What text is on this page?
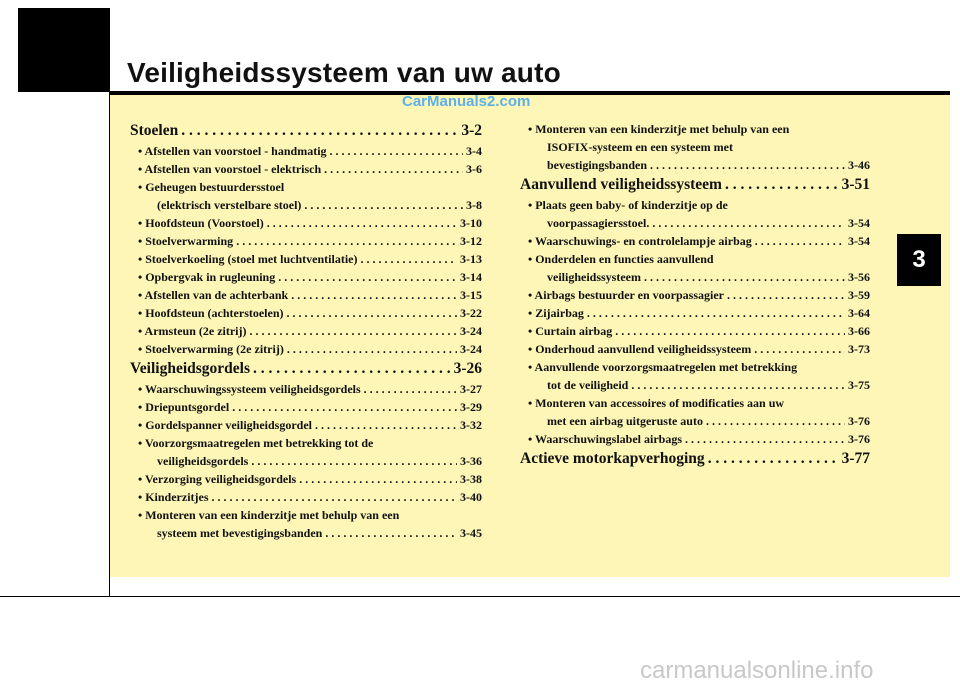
Veiligheidssysteem van uw auto

CarManuals2.com

Stoelen . . .	3-2
• Afstellen van voorstoel - handmatig . . .	3-4
• Afstellen van voorstoel - elektrisch . . .	3-6
• Geheugen bestuurdersstoel
(elektrisch verstelbare stoel) . . .	3-8
• Hoofdsteun (Voorstoel) . . .	3-10
• Stoelverwarming . . .	3-12
• Stoelverkoeling (stoel met luchtventilatie) . . .	3-13
• Opbergvak in rugleuning . . .	3-14
• Afstellen van de achterbank . . .	3-15
• Hoofdsteun (achterstoelen) . . .	3-22
• Armsteun (2e zitrij) . . .	3-24
• Stoelverwarming (2e zitrij) . . .	3-24
Veiligheidsgordels . . .	3-26
• Waarschuwingssysteem veiligheidsgordels . . .	3-27
• Driepuntsgordel . . .	3-29
• Gordelspanner veiligheidsgordel . . .	3-32
• Voorzorgsmaatregelen met betrekking tot de
veiligheidsgordels . . .	3-36
• Verzorging veiligheidsgordels . . .	3-38
• Kinderzitjes . . .	3-40
• Monteren van een kinderzitje met behulp van een
systeem met bevestigingsbanden . . .	3-45
• Monteren van een kinderzitje met behulp van een
ISOFIX-systeem en een systeem met
bevestigingsbanden . . .	3-46
Aanvullend veiligheidssysteem . . .	3-51
• Plaats geen baby- of kinderzitje op de
voorpassagiersstoel. . . .	3-54
• Waarschuwings- en controlelampje airbag . . .	3-54
• Onderdelen en functies aanvullend
veiligheidssysteem . . .	3-56
• Airbags bestuurder en voorpassagier . . .	3-59
• Zijairbag . . .	3-64
• Curtain airbag . . .	3-66
• Onderhoud aanvullend veiligheidssysteem . . .	3-73
• Aanvullende voorzorgsmaatregelen met betrekking
tot de veiligheid . . .	3-75
• Monteren van accessoires of modificaties aan uw
met een airbag uitgeruste auto . . .	3-76
• Waarschuwingslabel airbags . . .	3-76
Actieve motorkapverhoging . . .	3-77
3

carmanualsonline.info
